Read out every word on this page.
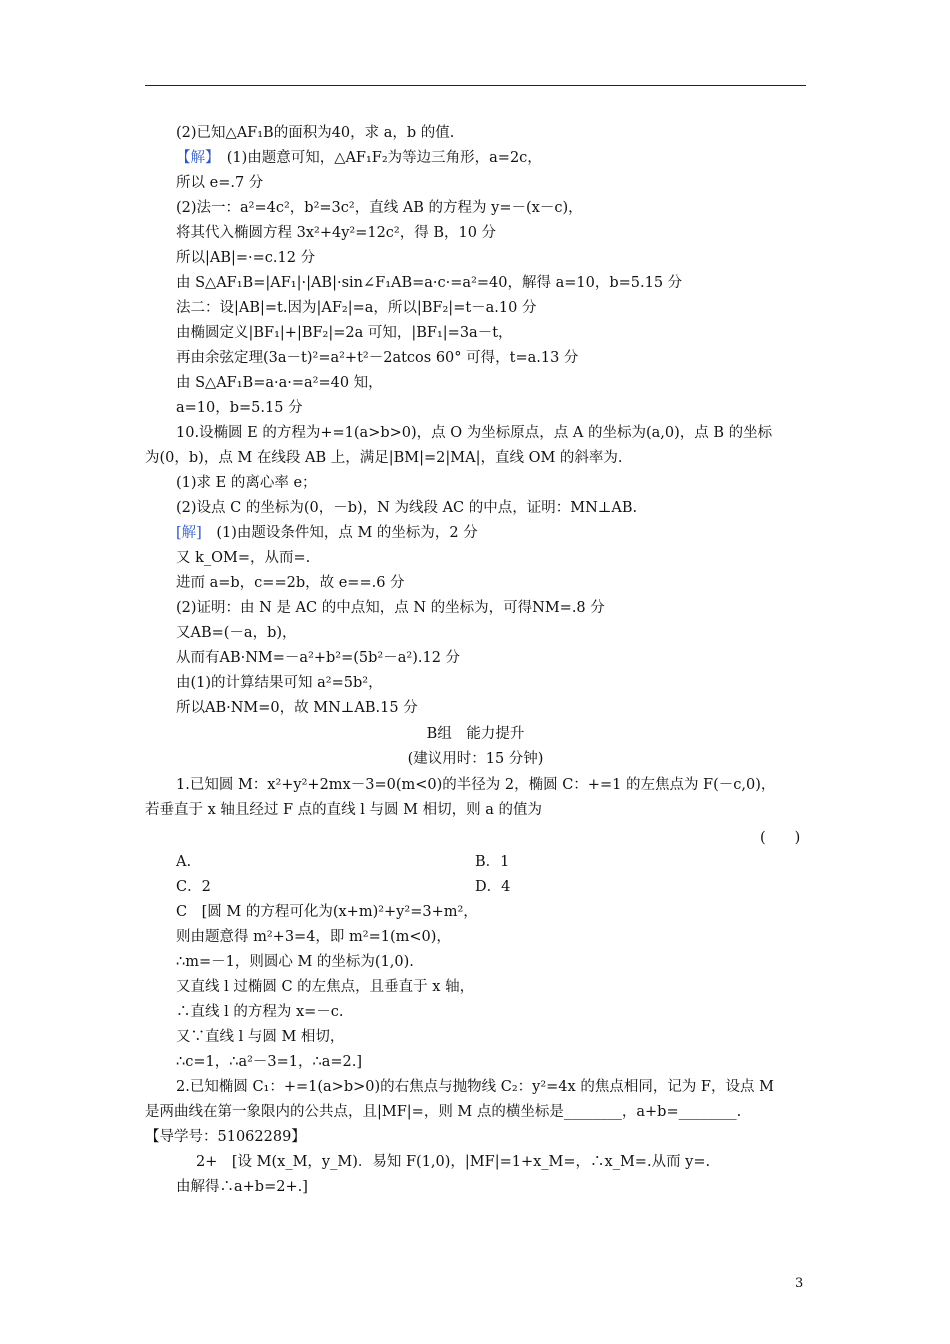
(2)已知△AF₁B的面积为40，求 a，b 的值.
【解】　 (1)由题意可知，△AF₁F₂为等边三角形，a=2c，
所以 e=.7 分
(2)法一：a²=4c²，b²=3c²，直线 AB 的方程为 y=－(x－c)，
将其代入椭圆方程 3x²+4y²=12c²，得 B，10 分
所以|AB|=·=c.12 分
由 S△AF₁B=|AF₁|·|AB|·sin∠F₁AB=a·c·=a²=40，解得 a=10，b=5.15 分
法二：设|AB|=t.因为|AF₂|=a，所以|BF₂|=t－a.10 分
由椭圆定义|BF₁|+|BF₂|=2a 可知，|BF₁|=3a－t，
再由余弦定理(3a－t)²=a²+t²－2atcos 60° 可得，t=a.13 分
由 S△AF₁B=a·a·=a²=40 知，
a=10，b=5.15 分
10.设椭圆 E 的方程为+=1(a>b>0)，点 O 为坐标原点，点 A 的坐标为(a,0)，点 B 的坐标
为(0，b)，点 M 在线段 AB 上，满足|BM|=2|MA|，直线 OM 的斜率为.
(1)求 E 的离心率 e；
(2)设点 C 的坐标为(0，－b)，N 为线段 AC 的中点，证明：MN⊥AB.
[解]　 (1)由题设条件知，点 M 的坐标为，2 分
又 k_OM=，从而=.
进而 a=b，c==2b，故 e==.6 分
(2)证明：由 N 是 AC 的中点知，点 N 的坐标为，可得NM=.8 分
又AB=(－a，b)，
从而有AB·NM=－a²+b²=(5b²－a²).12 分
由(1)的计算结果可知 a²=5b²，
所以AB·NM=0，故 MN⊥AB.15 分
B组　能力提升
(建议用时：15 分钟)
1.已知圆 M：x²+y²+2mx－3=0(m<0)的半径为 2，椭圆 C：+=1 的左焦点为 F(－c,0)，
若垂直于 x 轴且经过 F 点的直线 l 与圆 M 相切，则 a 的值为
(　　)
A.	B．1
C．2	D．4
C　 [圆 M 的方程可化为(x+m)²+y²=3+m²，
则由题意得 m²+3=4，即 m²=1(m<0)，
∴m=－1，则圆心 M 的坐标为(1,0).
又直线 l 过椭圆 C 的左焦点，且垂直于 x 轴，
∴直线 l 的方程为 x=－c.
又∵直线 l 与圆 M 相切，
∴c=1，∴a²－3=1，∴a=2.]
2.已知椭圆 C₁：+=1(a>b>0)的右焦点与抛物线 C₂：y²=4x 的焦点相同，记为 F，设点 M
是两曲线在第一象限内的公共点，且|MF|=，则 M 点的横坐标是________，a+b=________.
【导学号：51062289】
2+　 [设 M(x_M，y_M)．易知 F(1,0)，|MF|=1+x_M=，∴x_M=.从而 y=.
由解得∴a+b=2+.]
3
